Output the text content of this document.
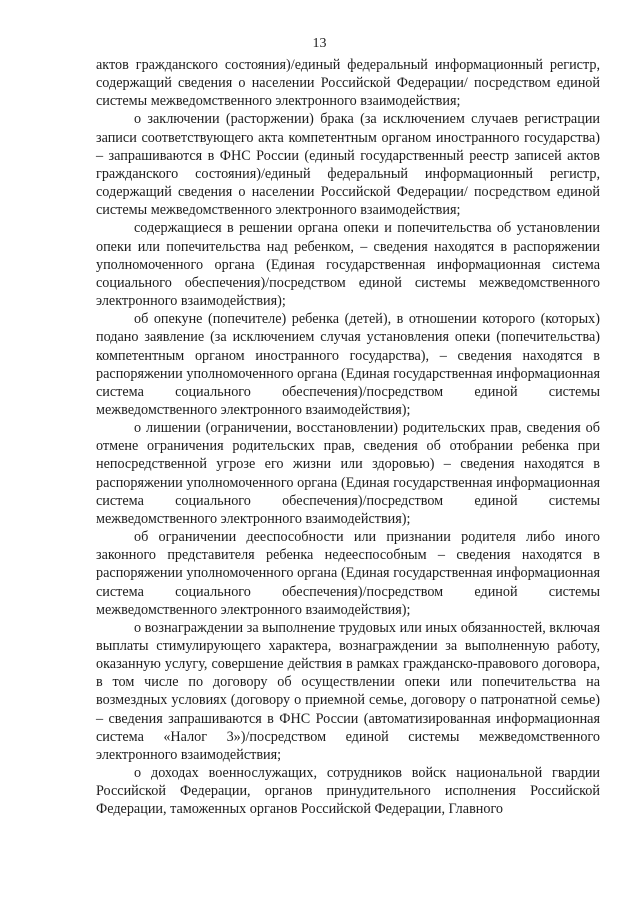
13

актов гражданского состояния)/единый федеральный информационный регистр, содержащий сведения о населении Российской Федерации/ посредством единой системы межведомственного электронного взаимодействия;

о заключении (расторжении) брака (за исключением случаев регистрации записи соответствующего акта компетентным органом иностранного государства) – запрашиваются в ФНС России (единый государственный реестр записей актов гражданского состояния)/единый федеральный информационный регистр, содержащий сведения о населении Российской Федерации/ посредством единой системы межведомственного электронного взаимодействия;

содержащиеся в решении органа опеки и попечительства об установлении опеки или попечительства над ребенком, – сведения находятся в распоряжении уполномоченного органа (Единая государственная информационная система социального обеспечения)/посредством единой системы межведомственного электронного взаимодействия);

об опекуне (попечителе) ребенка (детей), в отношении которого (которых) подано заявление (за исключением случая установления опеки (попечительства) компетентным органом иностранного государства), – сведения находятся в распоряжении уполномоченного органа (Единая государственная информационная система социального обеспечения)/посредством единой системы межведомственного электронного взаимодействия);

о лишении (ограничении, восстановлении) родительских прав, сведения об отмене ограничения родительских прав, сведения об отобрании ребенка при непосредственной угрозе его жизни или здоровью) – сведения находятся в распоряжении уполномоченного органа (Единая государственная информационная система социального обеспечения)/посредством единой системы межведомственного электронного взаимодействия);

об ограничении дееспособности или признании родителя либо иного законного представителя ребенка недееспособным – сведения находятся в распоряжении уполномоченного органа (Единая государственная информационная система социального обеспечения)/посредством единой системы межведомственного электронного взаимодействия);

о вознаграждении за выполнение трудовых или иных обязанностей, включая выплаты стимулирующего характера, вознаграждении за выполненную работу, оказанную услугу, совершение действия в рамках гражданско-правового договора, в том числе по договору об осуществлении опеки или попечительства на возмездных условиях (договору о приемной семье, договору о патронатной семье) – сведения запрашиваются в ФНС России (автоматизированная информационная система «Налог 3»)/посредством единой системы межведомственного электронного взаимодействия;

о доходах военнослужащих, сотрудников войск национальной гвардии Российской Федерации, органов принудительного исполнения Российской Федерации, таможенных органов Российской Федерации, Главного
